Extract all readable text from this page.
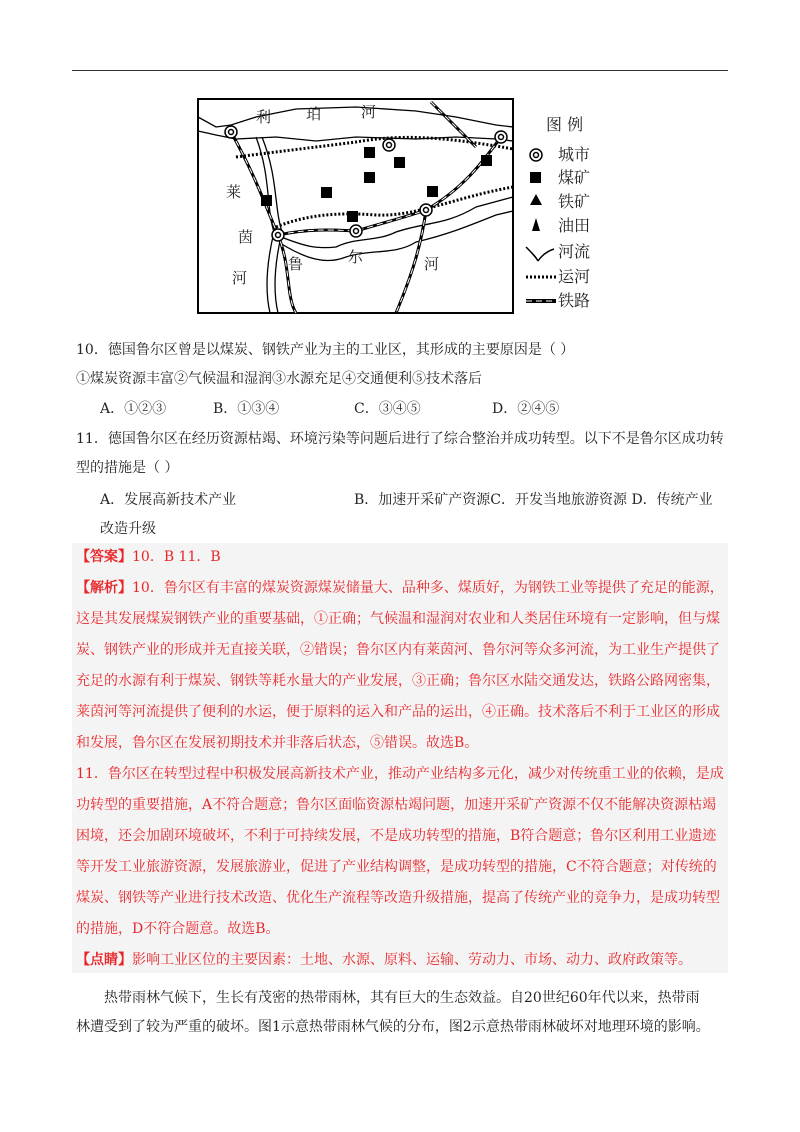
利 珀	河
莱
茵
河
鲁	尔	河
图 例
城市
煤矿
铁矿
油田
河流
运河
铁路
10．德国鲁尔区曾是以煤炭、钢铁产业为主的工业区，其形成的主要原因是（ ）
①煤炭资源丰富②气候温和湿润③水源充足④交通便利⑤技术落后
A．①②③	B．①③④	C．③④⑤	D．②④⑤
11．德国鲁尔区在经历资源枯竭、环境污染等问题后进行了综合整治并成功转型。以下不是鲁尔区成功转
型的措施是（ ）
A．发展高新技术产业	B．加速开采矿产资源C．开发当地旅游资源 D．传统产业
改造升级
【答案】10．B 11．B
【解析】10．鲁尔区有丰富的煤炭资源煤炭储量大、品种多、煤质好，为钢铁工业等提供了充足的能源，
这是其发展煤炭钢铁产业的重要基础，①正确；气候温和湿润对农业和人类居住环境有一定影响，但与煤
炭、钢铁产业的形成并无直接关联，②错误；鲁尔区内有莱茵河、鲁尔河等众多河流，为工业生产提供了
充足的水源有利于煤炭、钢铁等耗水量大的产业发展，③正确；鲁尔区水陆交通发达，铁路公路网密集，
莱茵河等河流提供了便利的水运，便于原料的运入和产品的运出，④正确。技术落后不利于工业区的形成
和发展，鲁尔区在发展初期技术并非落后状态，⑤错误。故选B。
11．鲁尔区在转型过程中积极发展高新技术产业，推动产业结构多元化，减少对传统重工业的依赖，是成
功转型的重要措施，A不符合题意；鲁尔区面临资源枯竭问题，加速开采矿产资源不仅不能解决资源枯竭
困境，还会加剧环境破坏，不利于可持续发展，不是成功转型的措施，B符合题意；鲁尔区利用工业遗迹
等开发工业旅游资源，发展旅游业，促进了产业结构调整，是成功转型的措施，C不符合题意；对传统的
煤炭、钢铁等产业进行技术改造、优化生产流程等改造升级措施，提高了传统产业的竞争力，是成功转型
的措施，D不符合题意。故选B。
【点睛】影响工业区位的主要因素：土地、水源、原料、运输、劳动力、市场、动力、政府政策等。
热带雨林气候下，生长有茂密的热带雨林，其有巨大的生态效益。自20世纪60年代以来，热带雨
林遭受到了较为严重的破坏。图1示意热带雨林气候的分布，图2示意热带雨林破坏对地理环境的影响。
